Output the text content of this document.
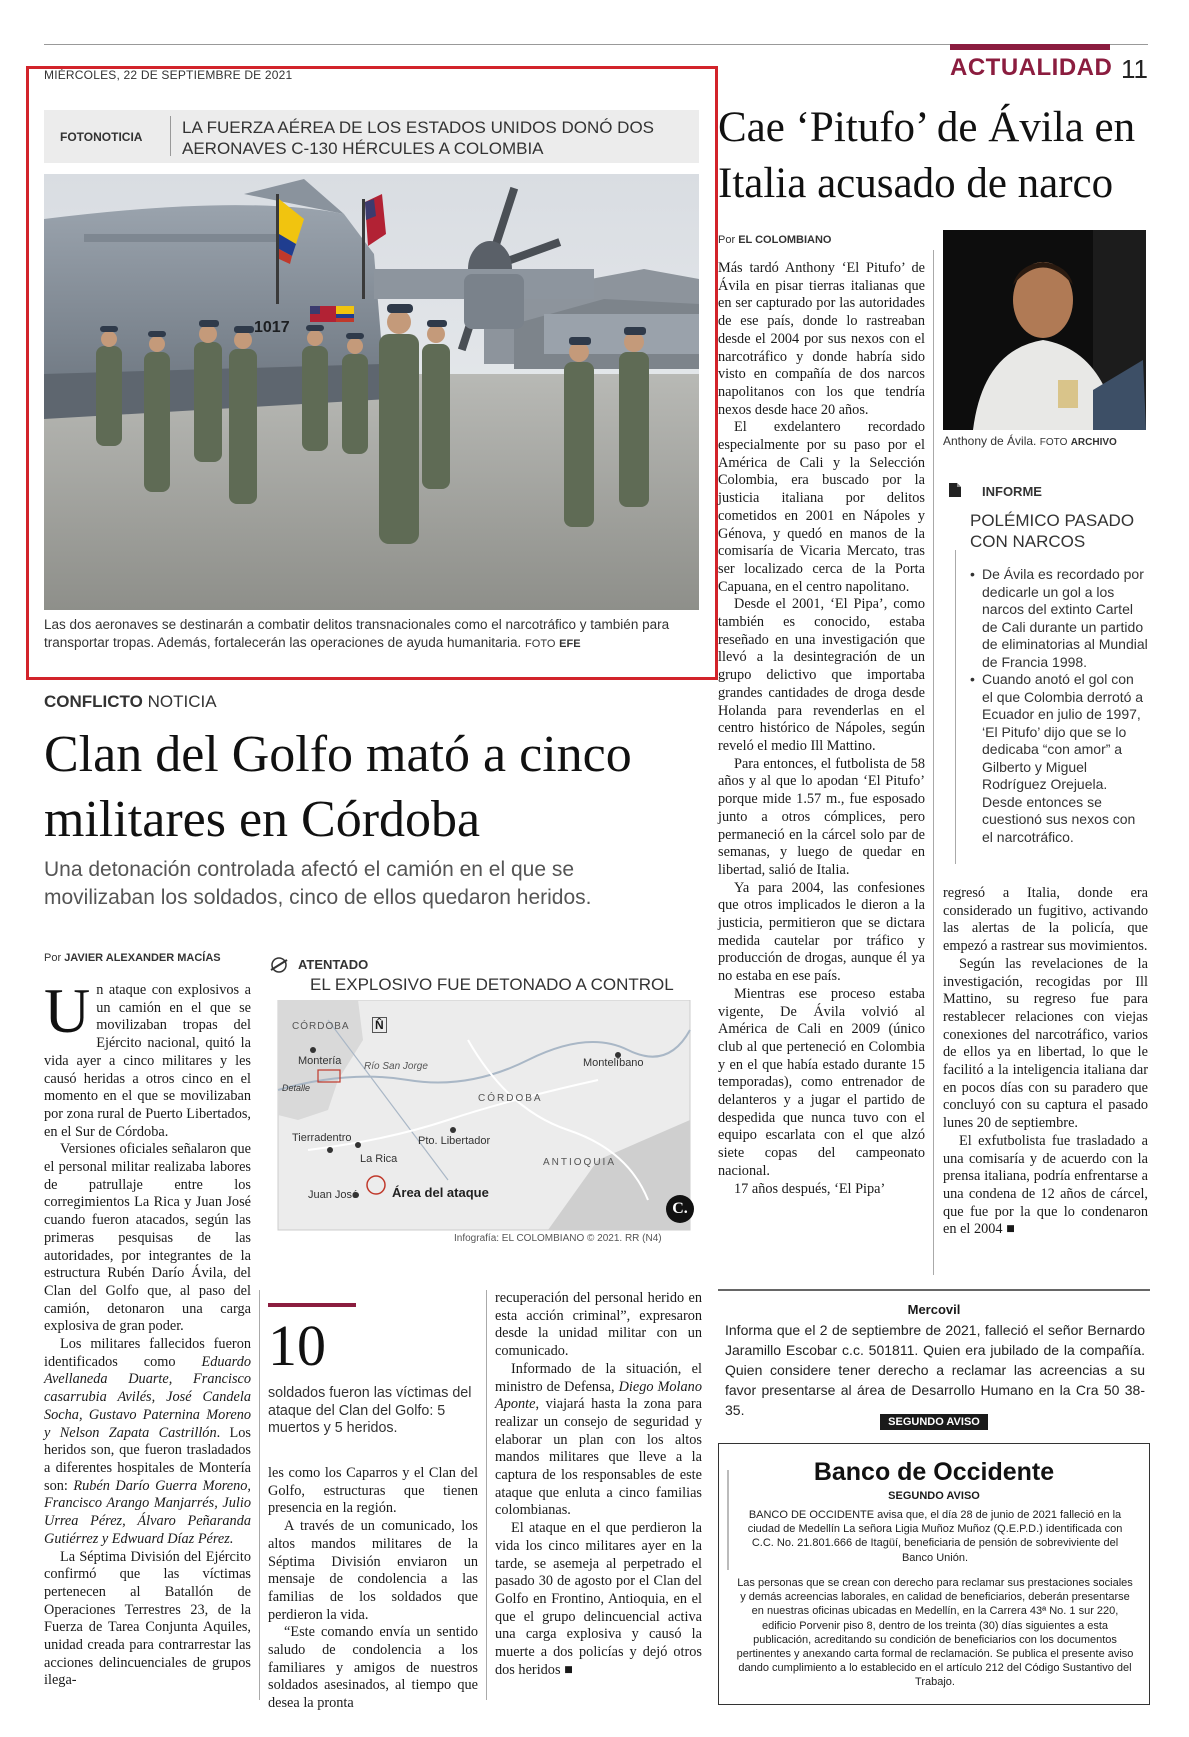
MIÉRCOLES, 22 DE SEPTIEMBRE DE 2021	ACTUALIDAD 11
FOTONOTICIA LA FUERZA AÉREA DE LOS ESTADOS UNIDOS DONÓ DOS AERONAVES C-130 HÉRCULES A COLOMBIA
1017
Las dos aeronaves se destinarán a combatir delitos transnacionales como el narcotráfico y también para transportar tropas. Además, fortalecerán las operaciones de ayuda humanitaria. FOTO EFE
Cae ‘Pitufo’ de Ávila en Italia acusado de narco
Por EL COLOMBIANO

Más tardó Anthony ‘El Pitufo’ de Ávila en pisar tierras italianas que en ser capturado por las autoridades de ese país, donde lo rastreaban desde el 2004 por sus nexos con el narcotráfico y donde habría sido visto en compañía de dos narcos napolitanos con los que tendría nexos desde hace 20 años.

El exdelantero recordado especialmente por su paso por el América de Cali y la Selección Colombia, era buscado por la justicia italiana por delitos cometidos en 2001 en Nápoles y Génova, y quedó en manos de la comisaría de Vicaria Mercato, tras ser localizado cerca de la Porta Capuana, en el centro napolitano.

Desde el 2001, ‘El Pipa’, como también es conocido, estaba reseñado en una investigación que llevó a la desintegración de un grupo delictivo que importaba grandes cantidades de droga desde Holanda para revenderlas en el centro histórico de Nápoles, según reveló el medio Ill Mattino.

Para entonces, el futbolista de 58 años y al que lo apodan ‘El Pitufo’ porque mide 1.57 m., fue esposado junto a otros cómplices, pero permaneció en la cárcel solo par de semanas, y luego de quedar en libertad, salió de Italia.

Ya para 2004, las confesiones que otros implicados le dieron a la justicia, permitieron que se dictara medida cautelar por tráfico y producción de drogas, aunque él ya no estaba en ese país.

Mientras ese proceso estaba vigente, De Ávila volvió al América de Cali en 2009 (único club al que perteneció en Colombia y en el que había estado durante 15 temporadas), como entrenador de delanteros y a jugar el partido de despedida que nunca tuvo con el equipo escarlata con el que alzó siete copas del campeonato nacional.

17 años después, ‘El Pipa’

Anthony de Ávila. FOTO ARCHIVO
INFORME
POLÉMICO PASADO CON NARCOS
• De Ávila es recordado por dedicarle un gol a los narcos del extinto Cartel de Cali durante un partido de eliminatorias al Mundial de Francia 1998.
• Cuando anotó el gol con el que Colombia derrotó a Ecuador en julio de 1997, ‘El Pitufo’ dijo que se lo dedicaba “con amor” a Gilberto y Miguel Rodríguez Orejuela. Desde entonces se cuestionó sus nexos con el narcotráfico.

regresó a Italia, donde era considerado un fugitivo, activando las alertas de la policía, que empezó a rastrear sus movimientos.

Según las revelaciones de la investigación, recogidas por Ill Mattino, su regreso fue para restablecer relaciones con viejas conexiones del narcotráfico, varios de ellos ya en libertad, lo que le facilitó a la inteligencia italiana dar en pocos días con su paradero que concluyó con su captura el pasado lunes 20 de septiembre.

El exfutbolista fue trasladado a una comisaría y de acuerdo con la prensa italiana, podría enfrentarse a una condena de 12 años de cárcel, que fue por la que lo condenaron en el 2004 ■

CONFLICTO NOTICIA
Clan del Golfo mató a cinco militares en Córdoba
Una detonación controlada afectó el camión en el que se movilizaban los soldados, cinco de ellos quedaron heridos.
Por JAVIER ALEXANDER MACÍAS

Un ataque con explosivos a un camión en el que se movilizaban tropas del Ejército nacional, quitó la vida ayer a cinco militares y les causó heridas a otros cinco en el momento en el que se movilizaban por zona rural de Puerto Libertados, en el Sur de Córdoba.

Versiones oficiales señalaron que el personal militar realizaba labores de patrullaje entre los corregimientos La Rica y Juan José cuando fueron atacados, según las primeras pesquisas de las autoridades, por integrantes de la estructura Rubén Darío Ávila, del Clan del Golfo que, al paso del camión, detonaron una carga explosiva de gran poder.

Los militares fallecidos fueron identificados como Eduardo Avellaneda Duarte, Francisco casarrubia Avilés, José Candela Socha, Gustavo Paternina Moreno y Nelson Zapata Castrillón. Los heridos son, que fueron trasladados a diferentes hospitales de Montería son: Rubén Darío Guerra Moreno, Francisco Arango Manjarrés, Julio Urrea Pérez, Álvaro Peñaranda Gutiérrez y Edwuard Díaz Pérez.

La Séptima División del Ejército confirmó que las víctimas pertenecen al Batallón de Operaciones Terrestres 23, de la Fuerza de Tarea Conjunta Aquiles, unidad creada para contrarrestar las acciones delincuenciales de grupos ilega-

ATENTADO
EL EXPLOSIVO FUE DETONADO A CONTROL
CÓRDOBA N̂
Montería
Detalle
Río San Jorge	Montelíbano
CÓRDOBA
Tierradentro	Pto. Libertador
La Rica	ANTIOQUIA
Juan José	Área del ataque
C.
Infografía: EL COLOMBIANO © 2021. RR (N4)
10
soldados fueron las víctimas del ataque del Clan del Golfo: 5 muertos y 5 heridos.

les como los Caparros y el Clan del Golfo, estructuras que tienen presencia en la región.

A través de un comunicado, los altos mandos militares de la Séptima División enviaron un mensaje de condolencia a las familias de los soldados que perdieron la vida.

“Este comando envía un sentido saludo de condolencia a los familiares y amigos de nuestros soldados asesinados, al tiempo que desea la pronta

recuperación del personal herido en esta acción criminal”, expresaron desde la unidad militar con un comunicado.

Informado de la situación, el ministro de Defensa, Diego Molano Aponte, viajará hasta la zona para realizar un consejo de seguridad y elaborar un plan con los altos mandos militares que lleve a la captura de los responsables de este ataque que enluta a cinco familias colombianas.

El ataque en el que perdieron la vida los cinco militares ayer en la tarde, se asemeja al perpetrado el pasado 30 de agosto por el Clan del Golfo en Frontino, Antioquia, en el que el grupo delincuencial activa una carga explosiva y causó la muerte a dos policías y dejó otros dos heridos ■

Mercovil
Informa que el 2 de septiembre de 2021, falleció el señor Bernardo Jaramillo Escobar c.c. 501811. Quien era jubilado de la compañía. Quien considere tener derecho a reclamar las acreencias a su favor presentarse al área de Desarrollo Humano en la Cra 50 38-35.
SEGUNDO AVISO
Banco de Occidente
SEGUNDO AVISO
BANCO DE OCCIDENTE avisa que, el día 28 de junio de 2021 falleció en la ciudad de Medellín La señora Ligia Muñoz Muñoz (Q.E.P.D.) identificada con C.C. No. 21.801.666 de Itagüí, beneficiaria de pensión de sobreviviente del Banco Unión.
Las personas que se crean con derecho para reclamar sus prestaciones sociales y demás acreencias laborales, en calidad de beneficiarios, deberán presentarse en nuestras oficinas ubicadas en Medellín, en la Carrera 43ª No. 1 sur 220, edificio Porvenir piso 8, dentro de los treinta (30) días siguientes a esta publicación, acreditando su condición de beneficiarios con los documentos pertinentes y anexando carta formal de reclamación. Se publica el presente aviso dando cumplimiento a lo establecido en el artículo 212 del Código Sustantivo del Trabajo.
